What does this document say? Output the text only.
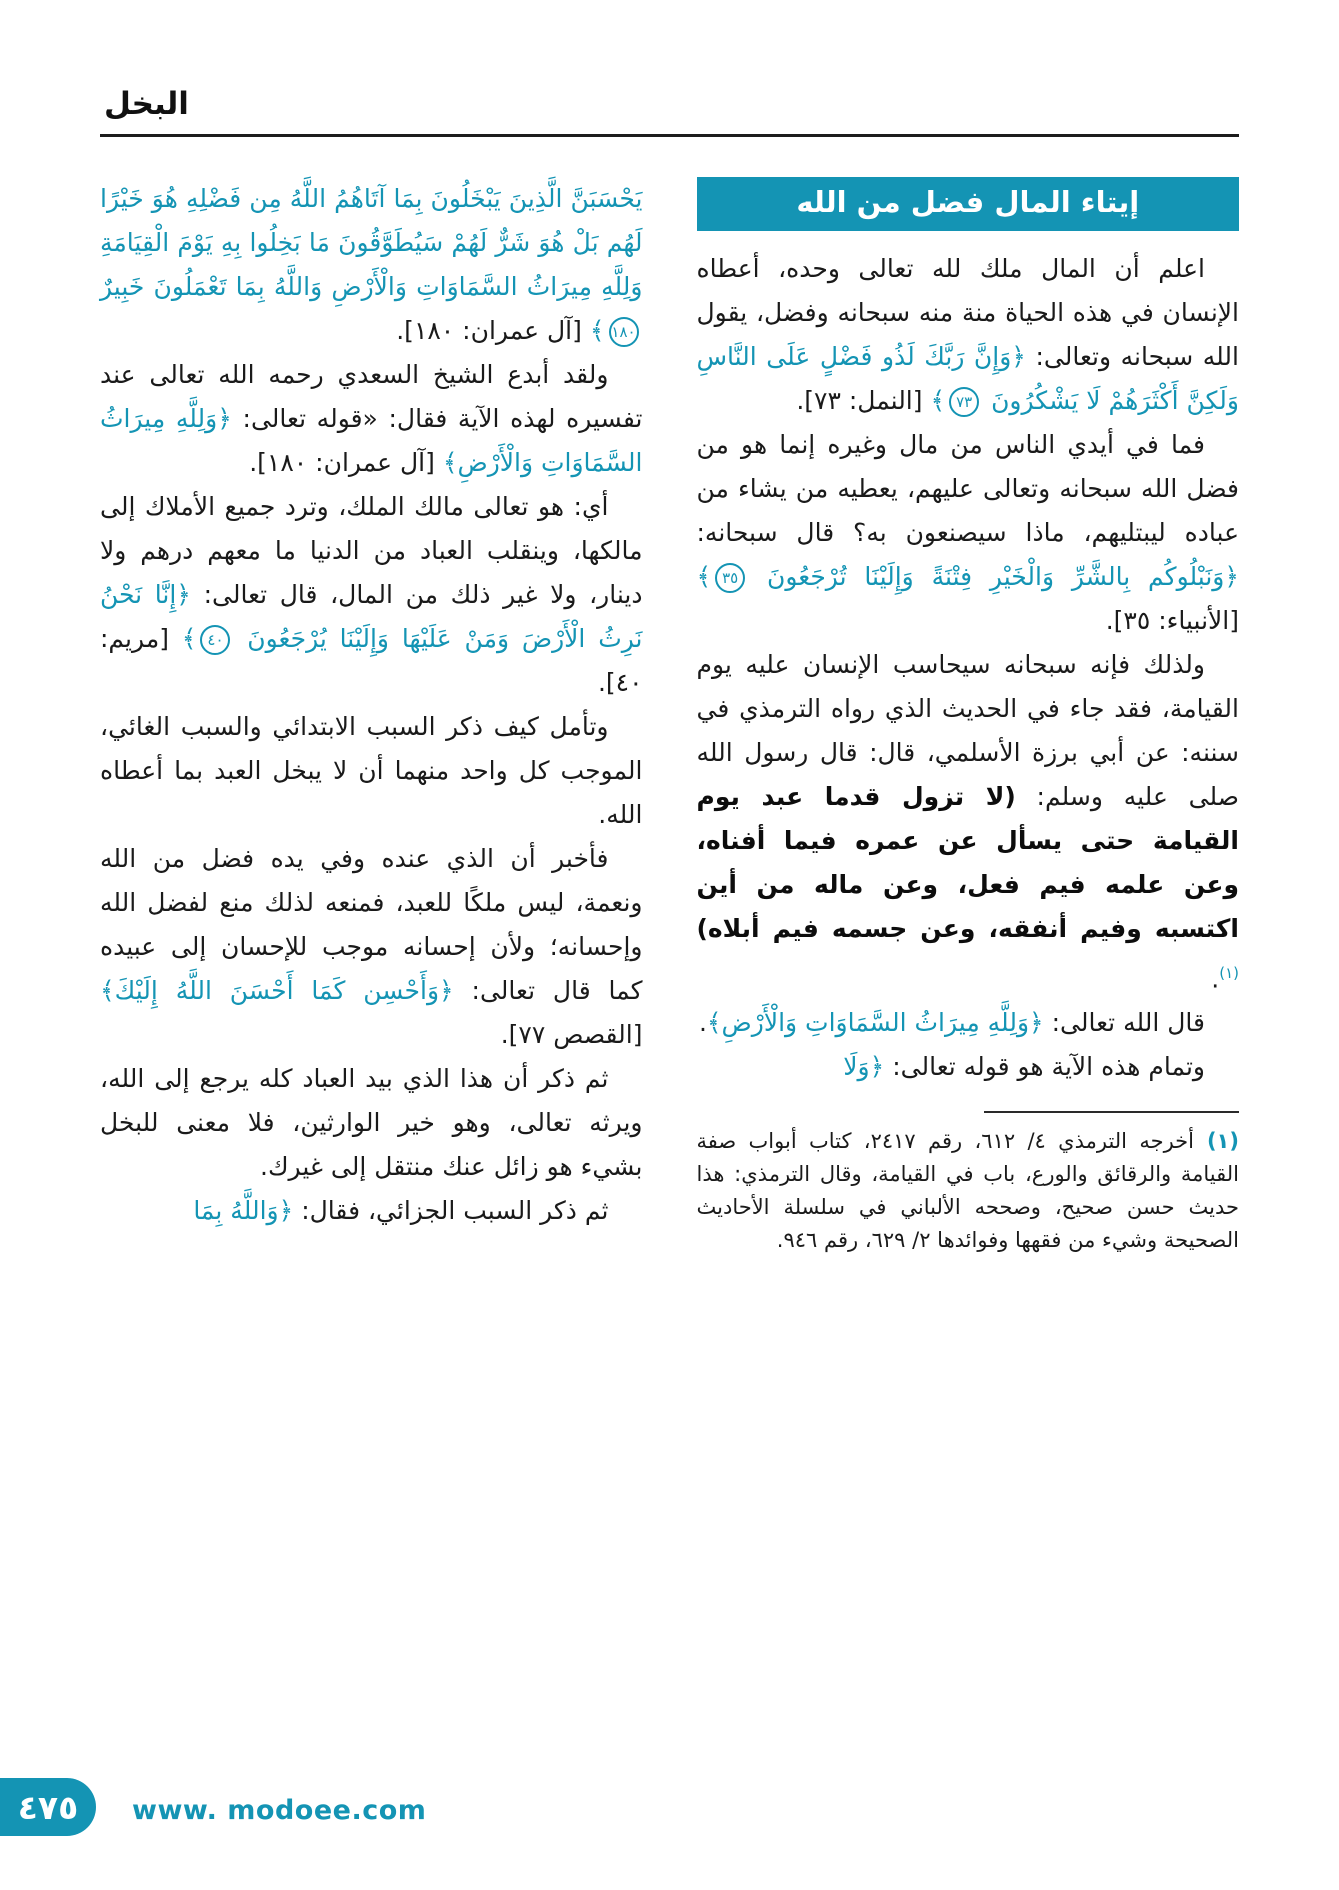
البخل
إيتاء المال فضل من الله

اعلم أن المال ملك لله تعالى وحده، أعطاه الإنسان في هذه الحياة منة منه سبحانه وفضل، يقول الله سبحانه وتعالى: ﴿وَإِنَّ رَبَّكَ لَذُو فَضْلٍ عَلَى النَّاسِ وَلَكِنَّ أَكْثَرَهُمْ لَا يَشْكُرُونَ ٧٣﴾ [النمل: ٧٣].

فما في أيدي الناس من مال وغيره إنما هو من فضل الله سبحانه وتعالى عليهم، يعطيه من يشاء من عباده ليبتليهم، ماذا سيصنعون به؟ قال سبحانه: ﴿وَنَبْلُوكُم بِالشَّرِّ وَالْخَيْرِ فِتْنَةً وَإِلَيْنَا تُرْجَعُونَ ٣٥﴾ [الأنبياء: ٣٥].

ولذلك فإنه سبحانه سيحاسب الإنسان عليه يوم القيامة، فقد جاء في الحديث الذي رواه الترمذي في سننه: عن أبي برزة الأسلمي، قال: قال رسول الله صلى عليه وسلم: (لا تزول قدما عبد يوم القيامة حتى يسأل عن عمره فيما أفناه، وعن علمه فيم فعل، وعن ماله من أين اكتسبه وفيم أنفقه، وعن جسمه فيم أبلاه)$^{(١)}$.

قال الله تعالى: ﴿وَلِلَّهِ مِيرَاثُ السَّمَاوَاتِ وَالْأَرْضِ﴾.

وتمام هذه الآية هو قوله تعالى: ﴿وَلَا

(١) أخرجه الترمذي ٤/ ٦١٢، رقم ٢٤١٧، كتاب أبواب صفة القيامة والرقائق والورع، باب في القيامة، وقال الترمذي: هذا حديث حسن صحيح، وصححه الألباني في سلسلة الأحاديث الصحيحة وشيء من فقهها وفوائدها ٢/ ٦٢٩، رقم ٩٤٦.

يَحْسَبَنَّ الَّذِينَ يَبْخَلُونَ بِمَا آتَاهُمُ اللَّهُ مِن فَضْلِهِ هُوَ خَيْرًا لَهُم بَلْ هُوَ شَرٌّ لَهُمْ سَيُطَوَّقُونَ مَا بَخِلُوا بِهِ يَوْمَ الْقِيَامَةِ وَلِلَّهِ مِيرَاثُ السَّمَاوَاتِ وَالْأَرْضِ وَاللَّهُ بِمَا تَعْمَلُونَ خَبِيرٌ ١٨٠﴾ [آل عمران: ١٨٠].

ولقد أبدع الشيخ السعدي رحمه الله تعالى عند تفسيره لهذه الآية فقال: «قوله تعالى: ﴿وَلِلَّهِ مِيرَاثُ السَّمَاوَاتِ وَالْأَرْضِ﴾ [آل عمران: ١٨٠].

أي: هو تعالى مالك الملك، وترد جميع الأملاك إلى مالكها، وينقلب العباد من الدنيا ما معهم درهم ولا دينار، ولا غير ذلك من المال، قال تعالى: ﴿إِنَّا نَحْنُ نَرِثُ الْأَرْضَ وَمَنْ عَلَيْهَا وَإِلَيْنَا يُرْجَعُونَ ٤٠﴾ [مريم: ٤٠].

وتأمل كيف ذكر السبب الابتدائي والسبب الغائي، الموجب كل واحد منهما أن لا يبخل العبد بما أعطاه الله.

فأخبر أن الذي عنده وفي يده فضل من الله ونعمة، ليس ملكًا للعبد، فمنعه لذلك منع لفضل الله وإحسانه؛ ولأن إحسانه موجب للإحسان إلى عبيده كما قال تعالى: ﴿وَأَحْسِن كَمَا أَحْسَنَ اللَّهُ إِلَيْكَ﴾ [القصص ٧٧].

ثم ذكر أن هذا الذي بيد العباد كله يرجع إلى الله، ويرثه تعالى، وهو خير الوارثين، فلا معنى للبخل بشيء هو زائل عنك منتقل إلى غيرك.

ثم ذكر السبب الجزائي، فقال: ﴿وَاللَّهُ بِمَا

٤٧٥ www. modoee.com
